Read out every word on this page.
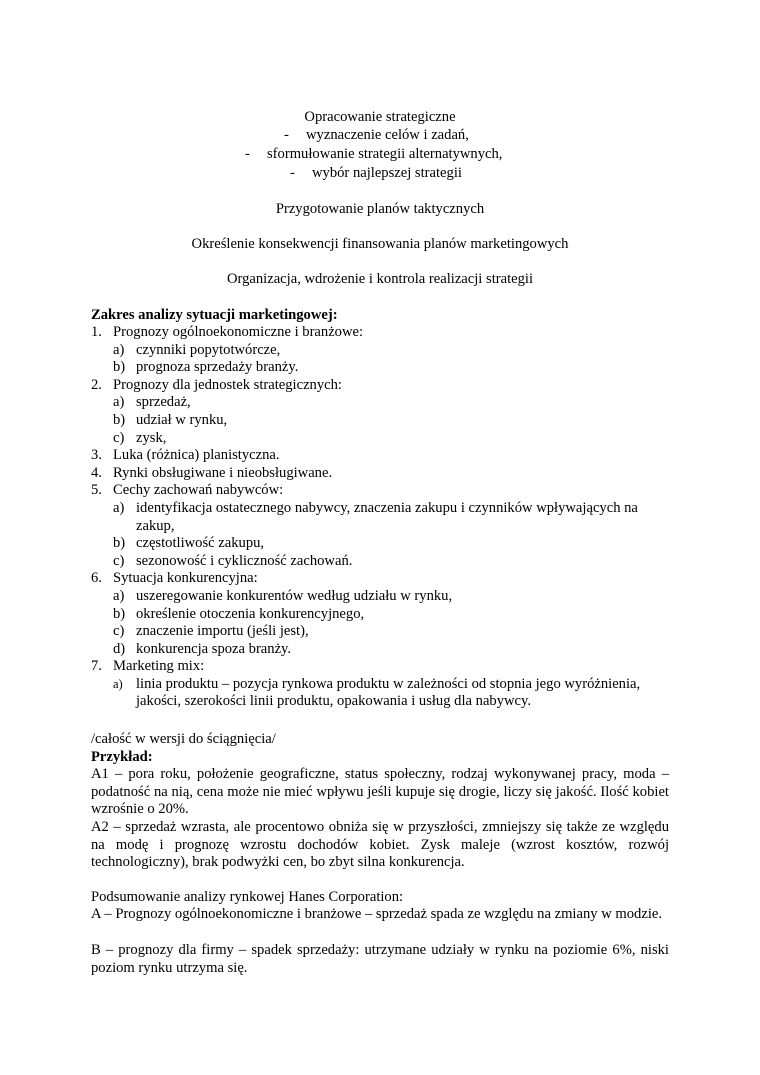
Opracowanie strategiczne
- wyznaczenie celów i zadań,
- sformułowanie strategii alternatywnych,
- wybór najlepszej strategii
Przygotowanie planów taktycznych
Określenie konsekwencji finansowania planów marketingowych
Organizacja, wdrożenie i kontrola realizacji strategii
Zakres analizy sytuacji marketingowej:
1. Prognozy ogólnoekonomiczne i branżowe:
a) czynniki popytotwórcze,
b) prognoza sprzedaży branży.
2. Prognozy dla jednostek strategicznych:
a) sprzedaż,
b) udział w rynku,
c) zysk,
3. Luka (różnica) planistyczna.
4. Rynki obsługiwane i nieobsługiwane.
5. Cechy zachowań nabywców:
a) identyfikacja ostatecznego nabywcy, znaczenia zakupu i czynników wpływających na
zakup,
b) częstotliwość zakupu,
c) sezonowość i cykliczność zachowań.
6. Sytuacja konkurencyjna:
a) uszeregowanie konkurentów według udziału w rynku,
b) określenie otoczenia konkurencyjnego,
c) znaczenie importu (jeśli jest),
d) konkurencja spoza branży.
7. Marketing mix:
a) linia produktu – pozycja rynkowa produktu w zależności od stopnia jego wyróżnienia,
jakości, szerokości linii produktu, opakowania i usług dla nabywcy.
/całość w wersji do ściągnięcia/
Przykład:
A1 – pora roku, położenie geograficzne, status społeczny, rodzaj wykonywanej pracy, moda – podatność na nią, cena może nie mieć wpływu jeśli kupuje się drogie, liczy się jakość. Ilość kobiet wzrośnie o 20%.
A2 – sprzedaż wzrasta, ale procentowo obniża się w przyszłości, zmniejszy się także ze względu na modę i prognozę wzrostu dochodów kobiet. Zysk maleje (wzrost kosztów, rozwój technologiczny), brak podwyżki cen, bo zbyt silna konkurencja.
Podsumowanie analizy rynkowej Hanes Corporation:
A – Prognozy ogólnoekonomiczne i branżowe – sprzedaż spada ze względu na zmiany w modzie.
B – prognozy dla firmy – spadek sprzedaży: utrzymane udziały w rynku na poziomie 6%, niski poziom rynku utrzyma się.
